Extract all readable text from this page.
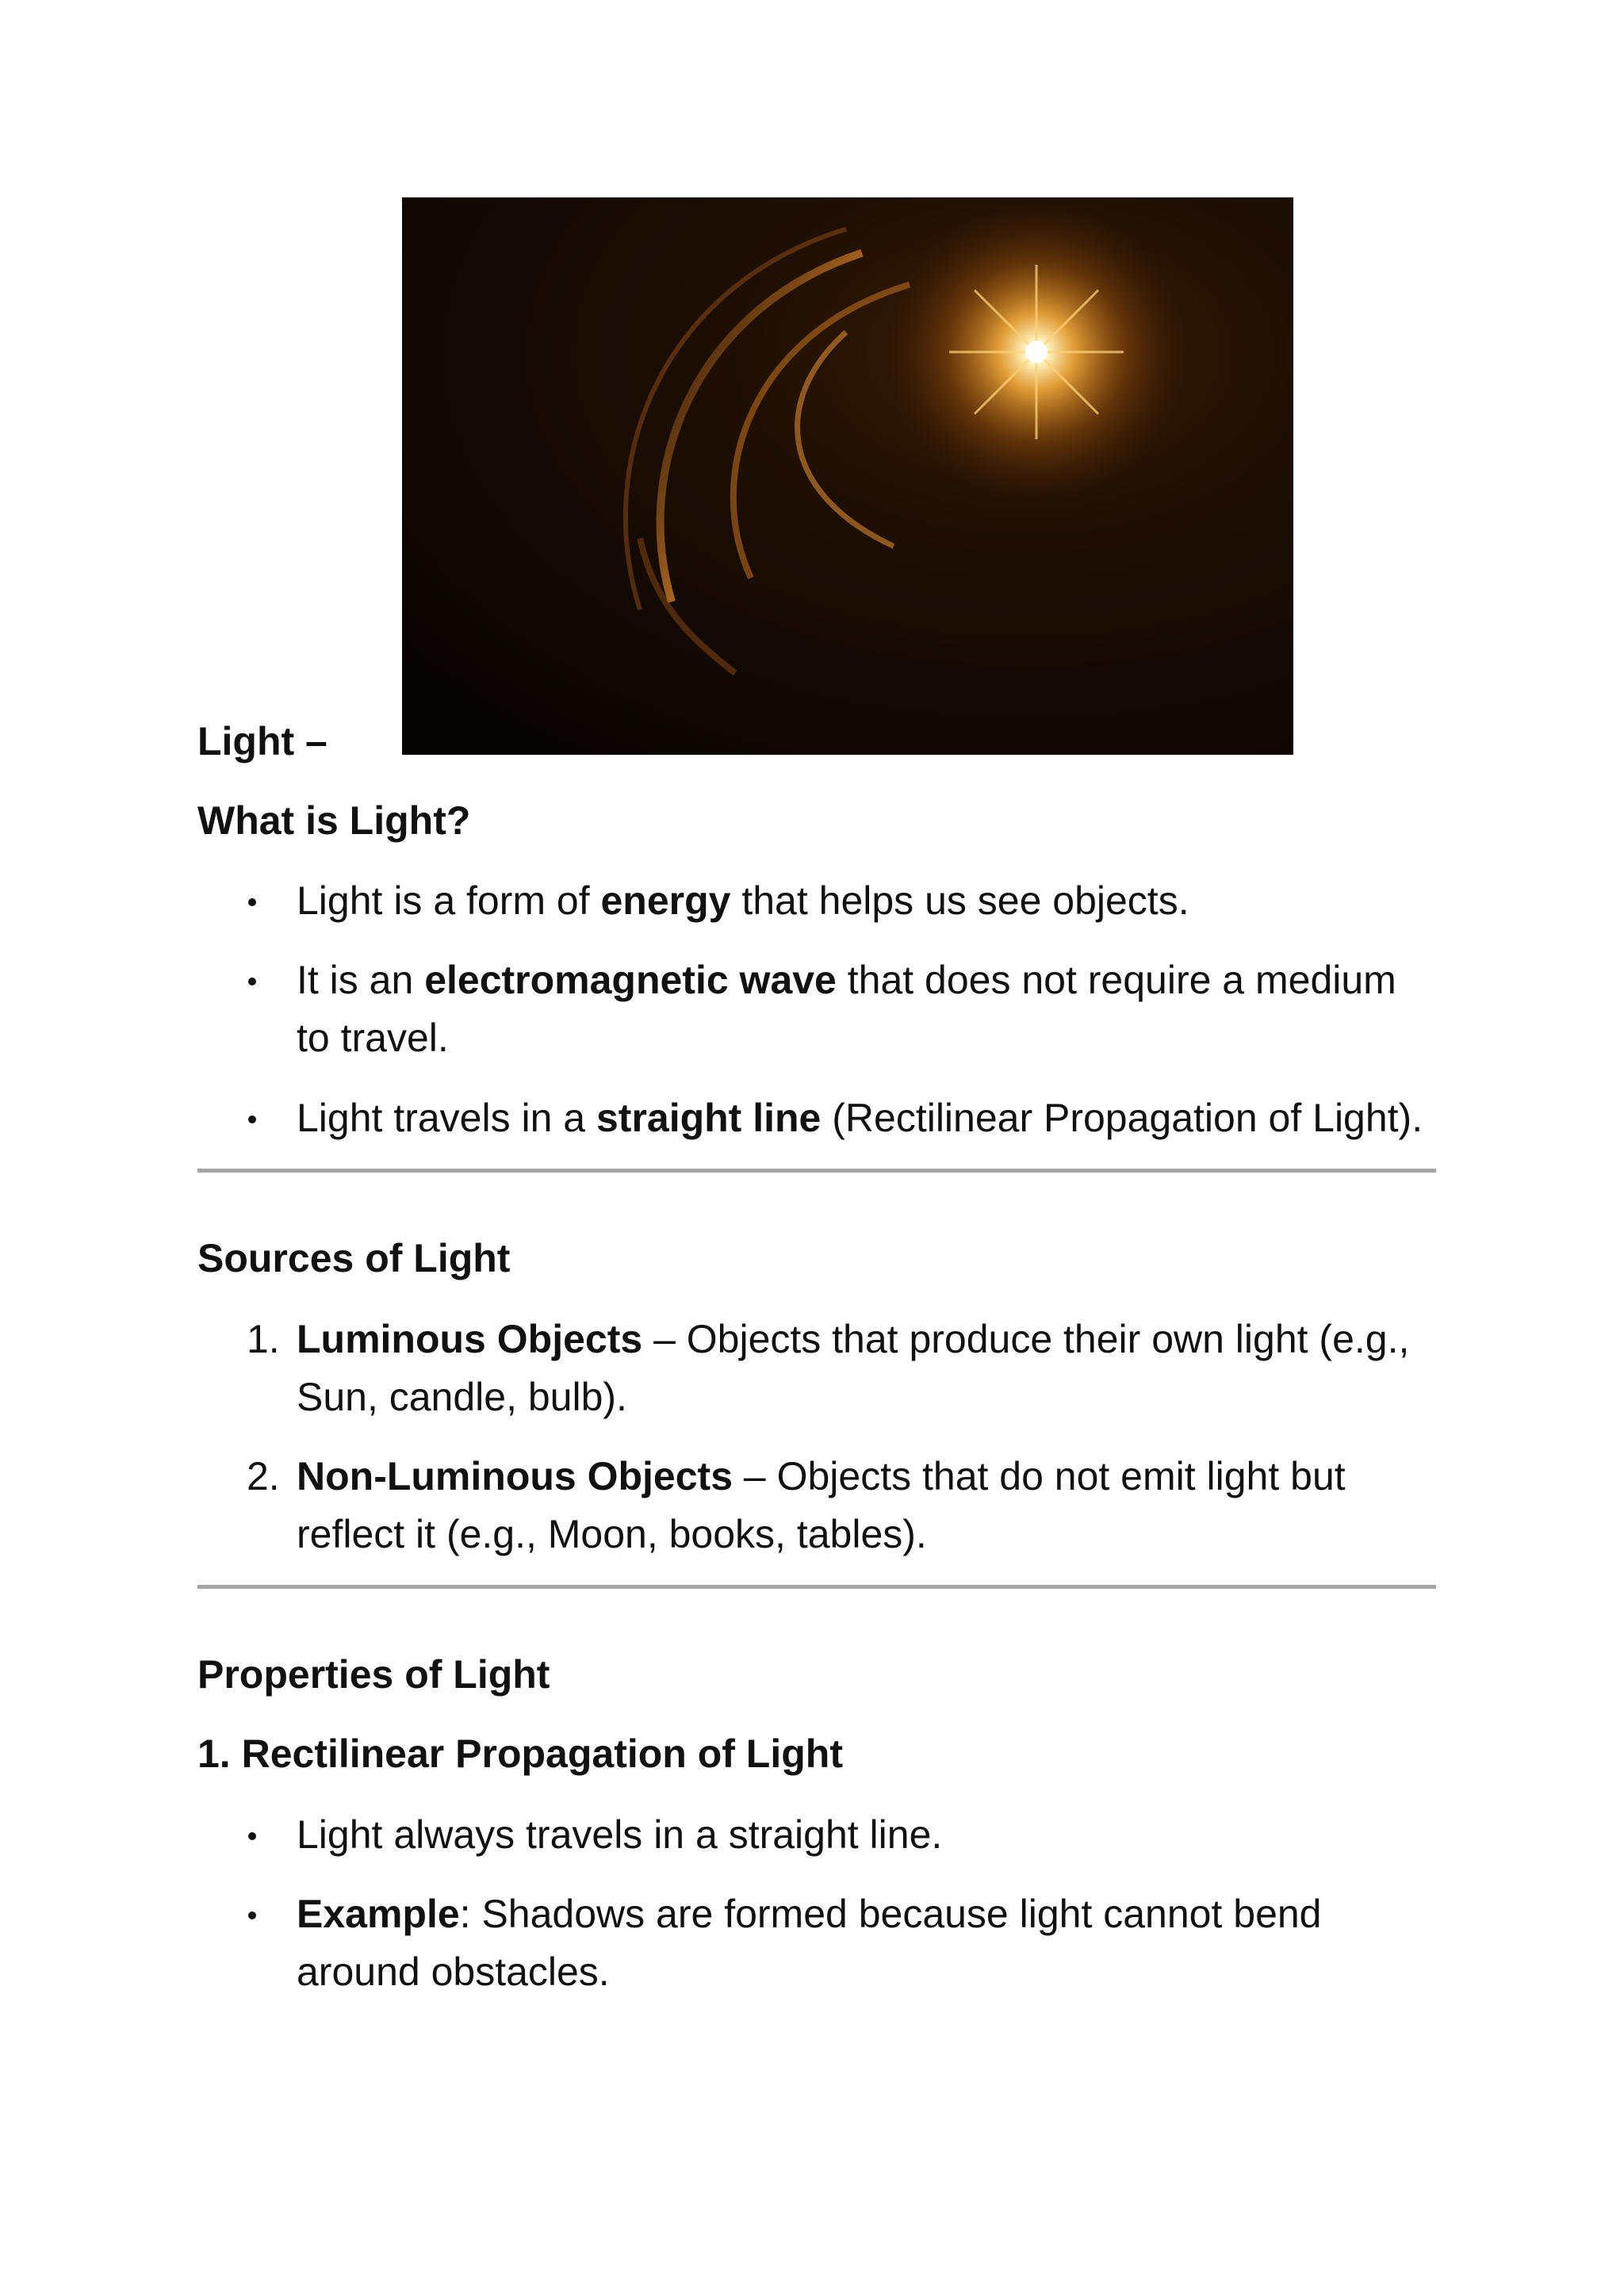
Light –

What is Light?

Light is a form of energy that helps us see objects.
It is an electromagnetic wave that does not require a medium
to travel.
Light travels in a straight line (Rectilinear Propagation of Light).

Sources of Light

1. Luminous Objects – Objects that produce their own light (e.g.,
Sun, candle, bulb).
2. Non-Luminous Objects – Objects that do not emit light but
reflect it (e.g., Moon, books, tables).

Properties of Light

1. Rectilinear Propagation of Light

Light always travels in a straight line.
Example: Shadows are formed because light cannot bend
around obstacles.
